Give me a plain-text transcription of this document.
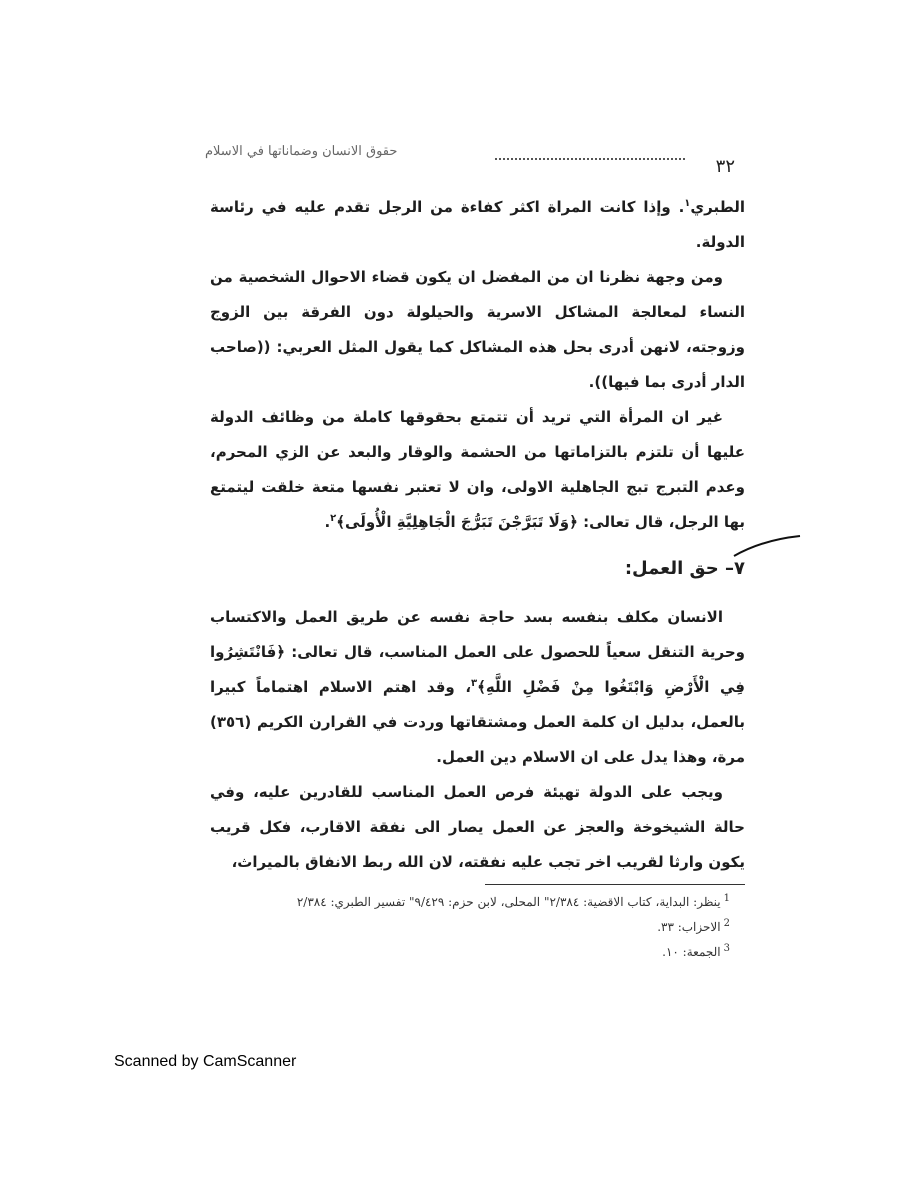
٣٢
حقوق الانسان وضماناتها في الاسلام

الطبري$^١$. وإذا كانت المراة اكثر كفاءة من الرجل تقدم عليه في رئاسة الدولة.

ومن وجهة نظرنا ان من المفضل ان يكون قضاء الاحوال الشخصية من النساء لمعالجة المشاكل الاسرية والحيلولة دون الفرقة بين الزوج وزوجته، لانهن أدرى بحل هذه المشاكل كما يقول المثل العربي: ((صاحب الدار أدرى بما فيها)).

غير ان المرأة التي تريد أن تتمتع بحقوقها كاملة من وظائف الدولة عليها أن تلتزم بالتزاماتها من الحشمة والوقار والبعد عن الزي المحرم، وعدم التبرج تبج الجاهلية الاولى، وان لا تعتبر نفسها متعة خلقت ليتمتع بها الرجل، قال تعالى: ﴿وَلَا تَبَرَّجْنَ تَبَرُّجَ الْجَاهِلِيَّةِ الْأُولَى﴾$^٢$.

٧– حق العمل:

الانسان مكلف بنفسه بسد حاجة نفسه عن طريق العمل والاكتساب وحرية التنقل سعياً للحصول على العمل المناسب، قال تعالى: ﴿فَانْتَشِرُوا فِي الْأَرْضِ وَابْتَغُوا مِنْ فَضْلِ اللَّهِ﴾$^٣$، وقد اهتم الاسلام اهتماماً كبيرا بالعمل، بدليل ان كلمة العمل ومشتقاتها وردت في القرارن الكريم (٣٥٦) مرة، وهذا يدل على ان الاسلام دين العمل.

ويجب على الدولة تهيئة فرص العمل المناسب للقادرين عليه، وفي حالة الشيخوخة والعجز عن العمل يصار الى نفقة الاقارب، فكل قريب يكون وارثا لقريب اخر تجب عليه نفقته، لان الله ربط الانفاق بالميراث،

$^1$ينظر: البداية، كتاب الاقضية: ٢/٣٨٤" المحلى، لابن حزم: ٩/٤٢٩" تفسير الطبري: ٢/٣٨٤

$^2$الاحزاب: ٣٣.

$^3$الجمعة: ١٠.

Scanned by CamScanner
